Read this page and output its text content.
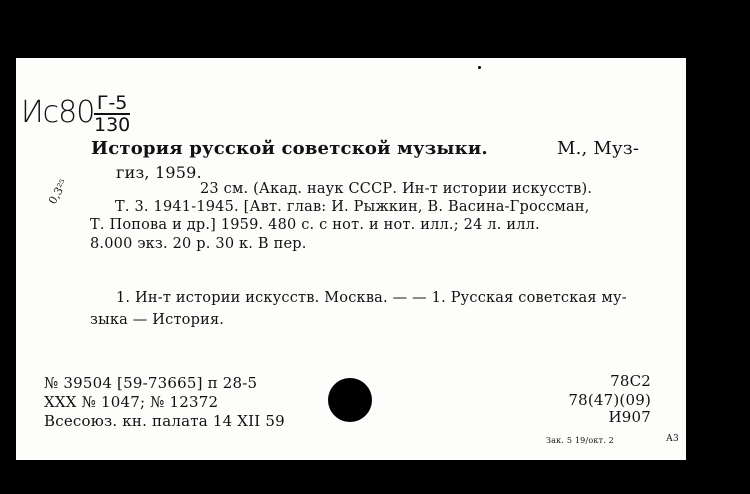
Ис80 Г-5
130
История русской советской музыки.	М., Муз-
гиз, 1959.
23 см. (Акад. наук СССР. Ин-т истории искусств).
Т. 3. 1941-1945. [Авт. глав: И. Рыжкин, В. Васина-Гроссман,
Т. Попова и др.] 1959. 480 с. с нот. и нот. илл.; 24 л. илл.
8.000 экз. 20 р. 30 к. В пер.
0,3²⁵
1. Ин-т истории искусств. Москва. — — 1. Русская советская му-
зыка — История.
№ 39504 [59-73665] п 28-5
XXX № 1047; № 12372
Всесоюз. кн. палата 14 XII 59
78С2
78(47)(09)
И907
Зак. 5 19/окт. 2	А3
